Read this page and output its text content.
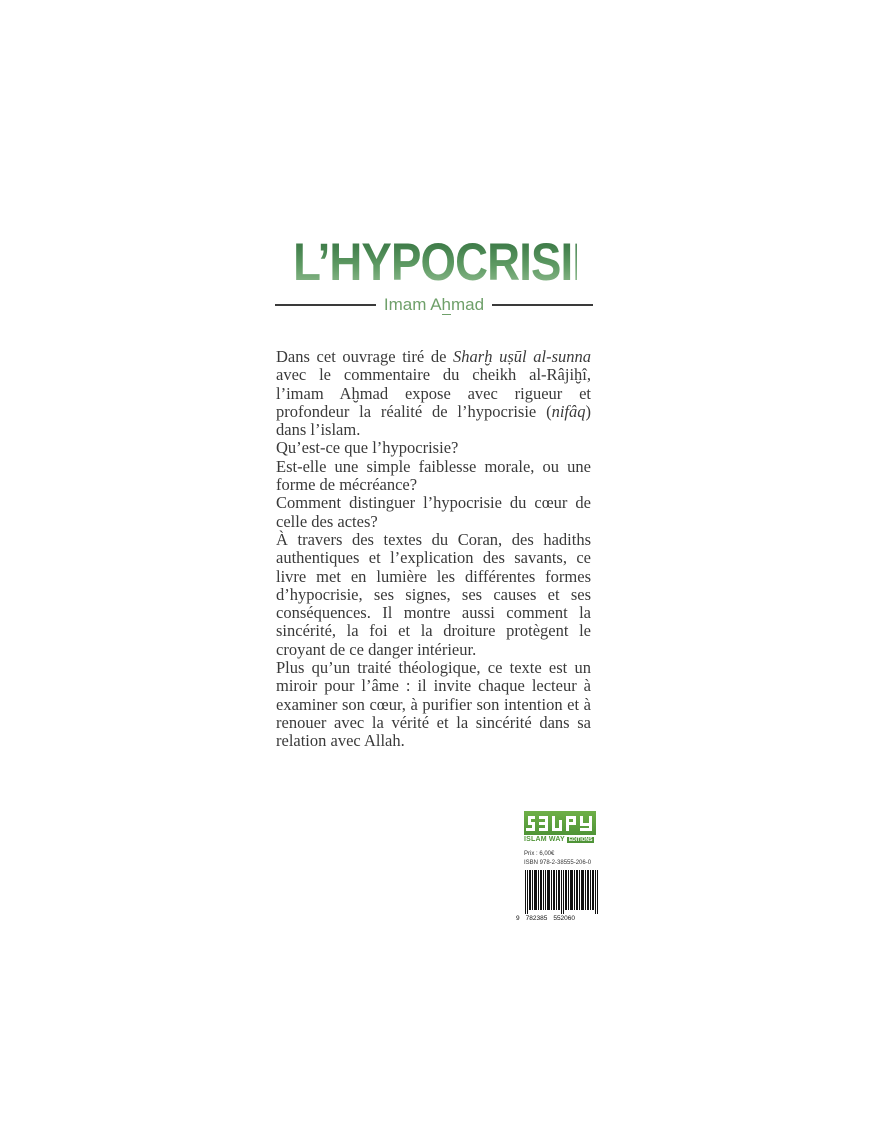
L’HYPOCRISIE
Imam Ahmad

Dans cet ouvrage tiré de Sharḫ uṣūl al-sunna avec le commentaire du cheikh al-Râjiḫî, l’imam Aḫmad expose avec rigueur et profondeur la réalité de l’hypocrisie (nifâq) dans l’islam.

Qu’est-ce que l’hypocrisie?

Est-elle une simple faiblesse morale, ou une forme de mécréance?

Comment distinguer l’hypocrisie du cœur de celle des actes?

À travers des textes du Coran, des hadiths authentiques et l’explication des savants, ce livre met en lumière les différentes formes d’hypocrisie, ses signes, ses causes et ses conséquences. Il montre aussi comment la sincérité, la foi et la droiture protègent le croyant de ce danger intérieur.

Plus qu’un traité théologique, ce texte est un miroir pour l’âme : il invite chaque lecteur à examiner son cœur, à purifier son intention et à renouer avec la vérité et la sincérité dans sa relation avec Allah.

ISLAM WAY EDITIONS
Prix : 6,00€
ISBN 978-2-38555-206-0
9 782385 552060
